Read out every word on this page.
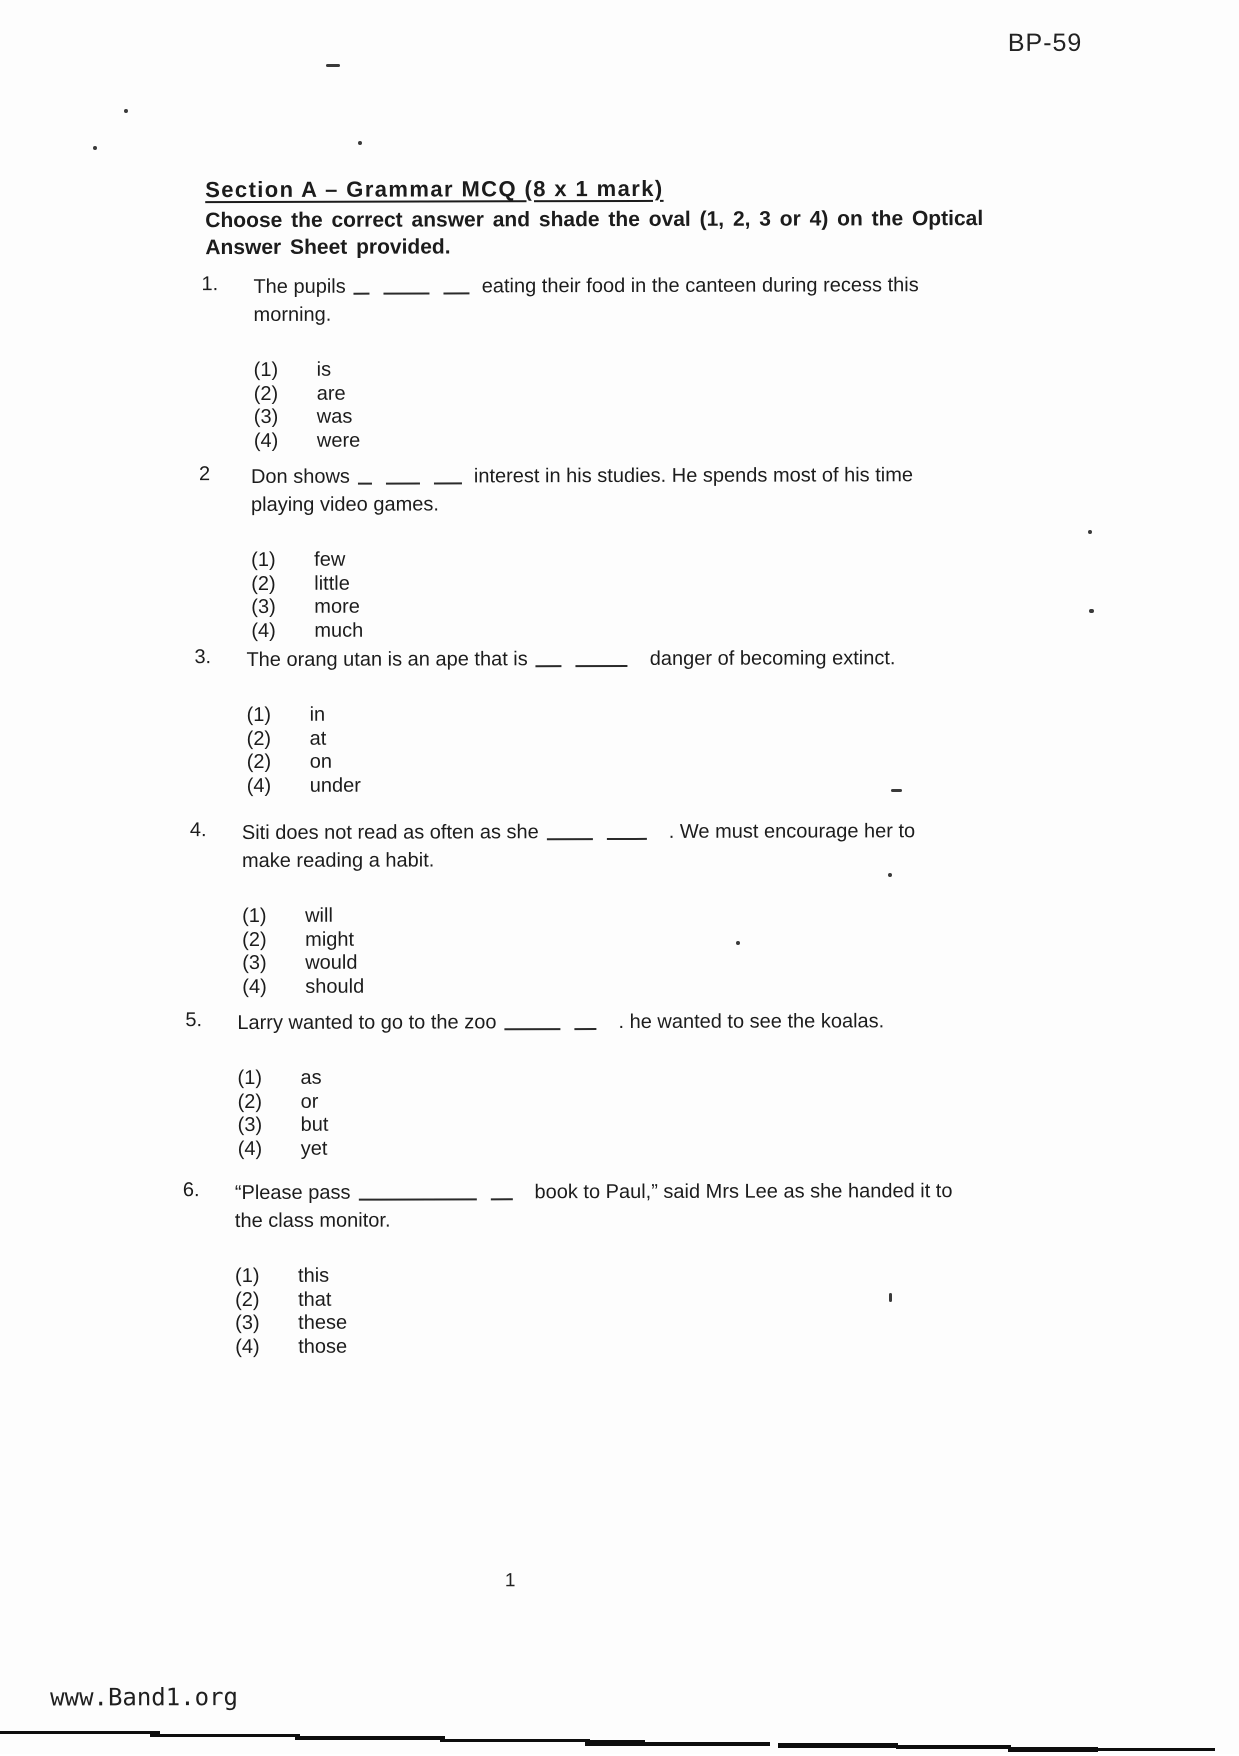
BP-59
Section A – Grammar MCQ (8 x 1 mark)
Choose the correct answer and shade the oval (1, 2, 3 or 4) on the Optical
Answer Sheet provided.
1.	The pupils	eating their food in the canteen during recess this
morning.
(1)	is
(2)	are
(3)	was
(4)	were
2	Don shows	interest in his studies. He spends most of his time
playing video games.
(1)	few
(2)	little
(3)	more
(4)	much
3.	The orang utan is an ape that is	danger of becoming extinct.
(1)	in
(2)	at
(2)	on
(4)	under
4.	Siti does not read as often as she	. We must encourage her to
make reading a habit.
(1)	will
(2)	might
(3)	would
(4)	should
5.	Larry wanted to go to the zoo	. he wanted to see the koalas.
(1)	as
(2)	or
(3)	but
(4)	yet
6.	“Please pass	book to Paul,” said Mrs Lee as she handed it to
the class monitor.
(1)	this
(2)	that
(3)	these
(4)	those
1
www.Band1.org
